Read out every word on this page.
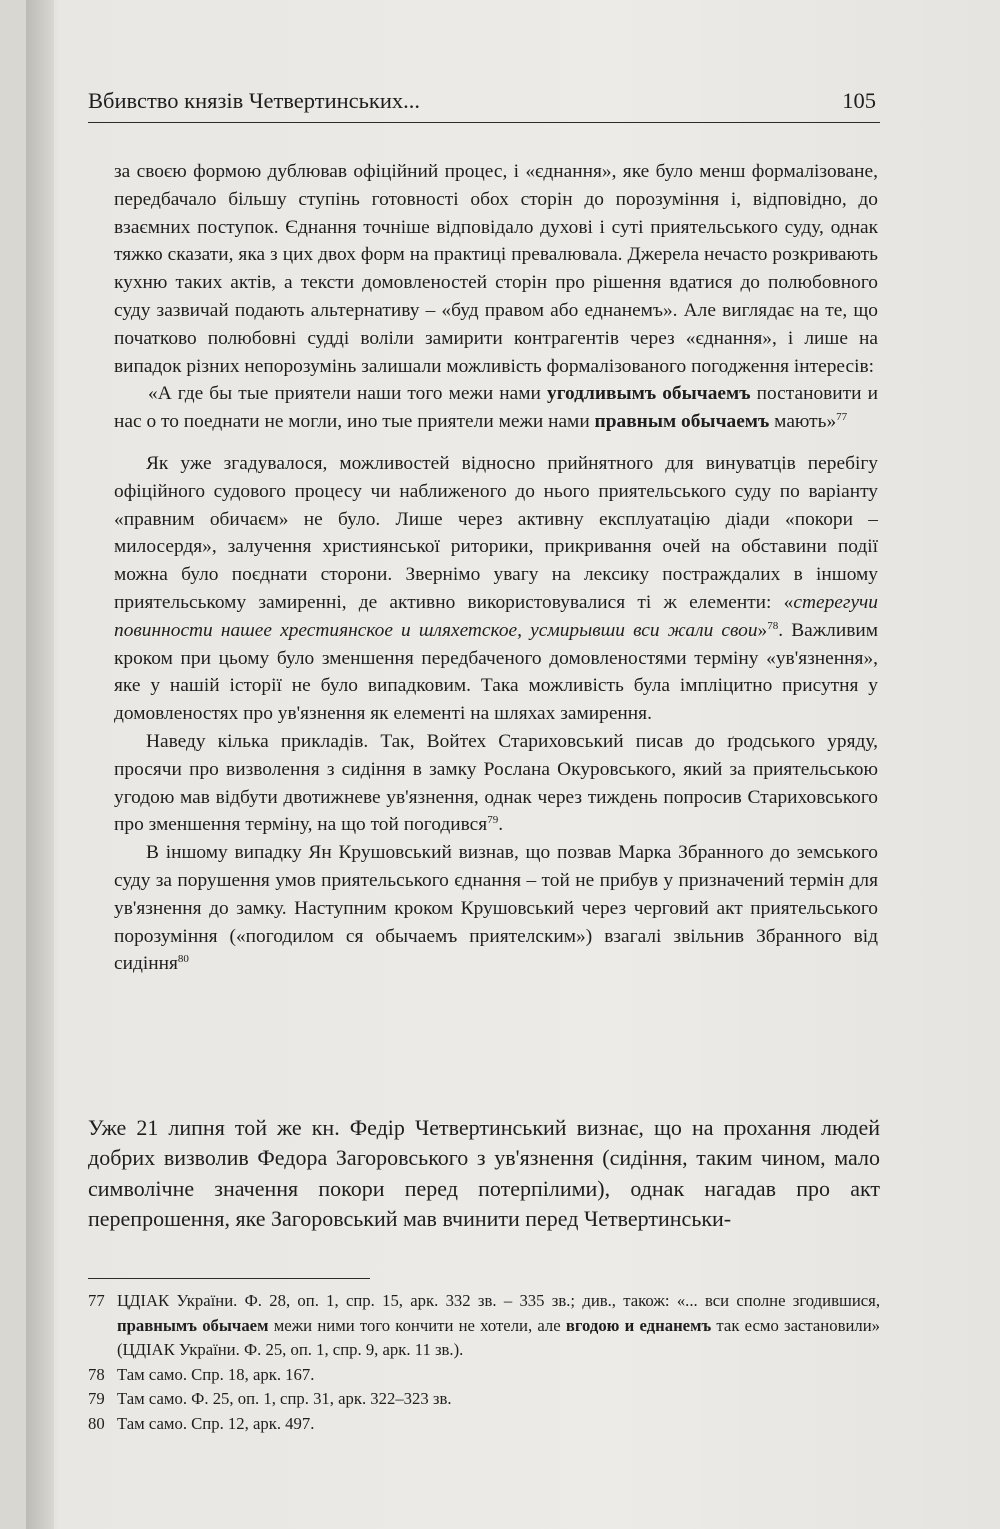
Вбивство князів Четвертинських...	105

за своєю формою дублював офіційний процес, і «єднання», яке було менш формалізоване, передбачало більшу ступінь готовності обох сторін до порозуміння і, відповідно, до взаємних поступок. Єднання точніше відповідало духові і суті приятельського суду, однак тяжко сказати, яка з цих двох форм на практиці превалювала. Джерела нечасто розкривають кухню таких актів, а тексти домовленостей сторін про рішення вдатися до полюбовного суду зазвичай подають альтернативу – «буд правом або еднанемъ». Але виглядає на те, що початково полюбовні судді воліли замирити контрагентів через «єднання», і лише на випадок різних непорозумінь залишали можливість формалізованого погодження інтересів:

«А где бы тые приятели наши того межи нами угодливымъ обычаемъ постановити и нас о то поеднати не могли, ино тые приятели межи нами правным обычаемъ мають»$^{77}$

Як уже згадувалося, можливостей відносно прийнятного для винуватців перебігу офіційного судового процесу чи наближеного до нього приятельського суду по варіанту «правним обичаєм» не було. Лише через активну експлуатацію діади «покори – милосердя», залучення християнської риторики, прикривання очей на обставини події можна було поєднати сторони. Звернімо увагу на лексику постраждалих в іншому приятельському замиренні, де активно використовувалися ті ж елементи: «стерегучи повинности нашее хрестиянское и шляхетское, усмирывши вси жали свои»$^{78}$. Важливим кроком при цьому було зменшення передбаченого домовленостями терміну «ув'язнення», яке у нашій історії не було випадковим. Така можливість була імпліцитно присутня у домовленостях про ув'язнення як елементі на шляхах замирення.

Наведу кілька прикладів. Так, Войтех Стариховський писав до ґродського уряду, просячи про визволення з сидіння в замку Рослана Окуровського, який за приятельською угодою мав відбути двотижневе ув'язнення, однак через тиждень попросив Стариховського про зменшення терміну, на що той погодився$^{79}$.

В іншому випадку Ян Крушовський визнав, що позвав Марка Збранного до земського суду за порушення умов приятельського єднання – той не прибув у призначений термін для ув'язнення до замку. Наступним кроком Крушовський через черговий акт приятельського порозуміння («погодилом ся обычаемъ приятелским») взагалі звільнив Збранного від сидіння$^{80}$

Уже 21 липня той же кн. Федір Четвертинський визнає, що на прохання людей добрих визволив Федора Загоровського з ув'язнення (сидіння, таким чином, мало символічне значення покори перед потерпілими), однак нагадав про акт перепрошення, яке Загоровський мав вчинити перед Четвертинськи-

77 ЦДІАК України. Ф. 28, оп. 1, спр. 15, арк. 332 зв. – 335 зв.; див., також: «... вси сполне згодившися, правнымъ обычаем межи ними того кончити не хотели, але вгодою и еднанемъ так есмо застановили» (ЦДІАК України. Ф. 25, оп. 1, спр. 9, арк. 11 зв.).

78 Там само. Спр. 18, арк. 167.

79 Там само. Ф. 25, оп. 1, спр. 31, арк. 322–323 зв.

80 Там само. Спр. 12, арк. 497.
